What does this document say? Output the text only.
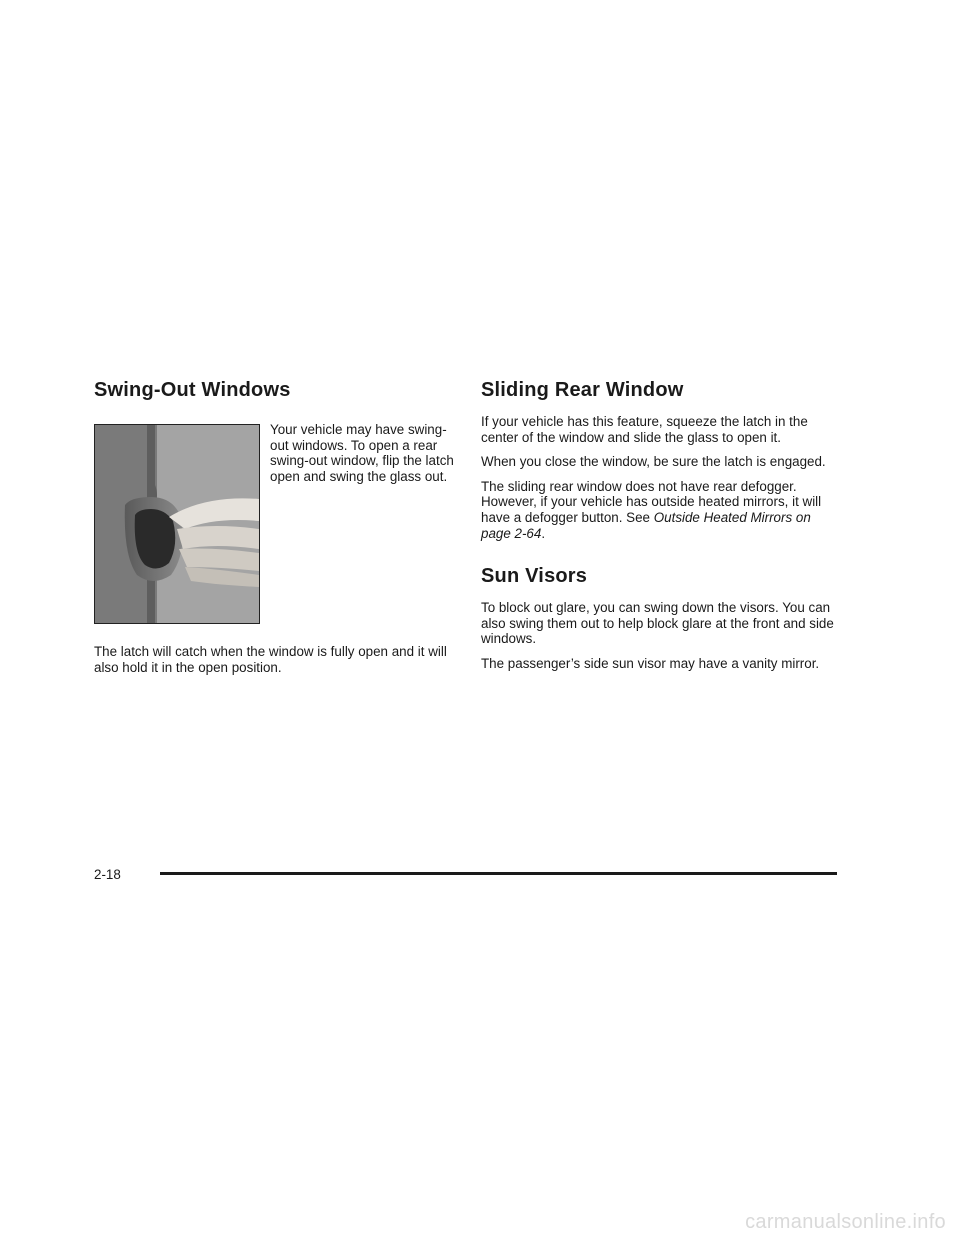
Swing-Out Windows

Your vehicle may have swing-out windows. To open a rear swing-out window, flip the latch open and swing the glass out.

The latch will catch when the window is fully open and it will also hold it in the open position.

Sliding Rear Window

If your vehicle has this feature, squeeze the latch in the center of the window and slide the glass to open it.

When you close the window, be sure the latch is engaged.

The sliding rear window does not have rear defogger. However, if your vehicle has outside heated mirrors, it will have a defogger button. See Outside Heated Mirrors on page 2-64.

Sun Visors

To block out glare, you can swing down the visors. You can also swing them out to help block glare at the front and side windows.

The passenger’s side sun visor may have a vanity mirror.

2-18
carmanualsonline.info
